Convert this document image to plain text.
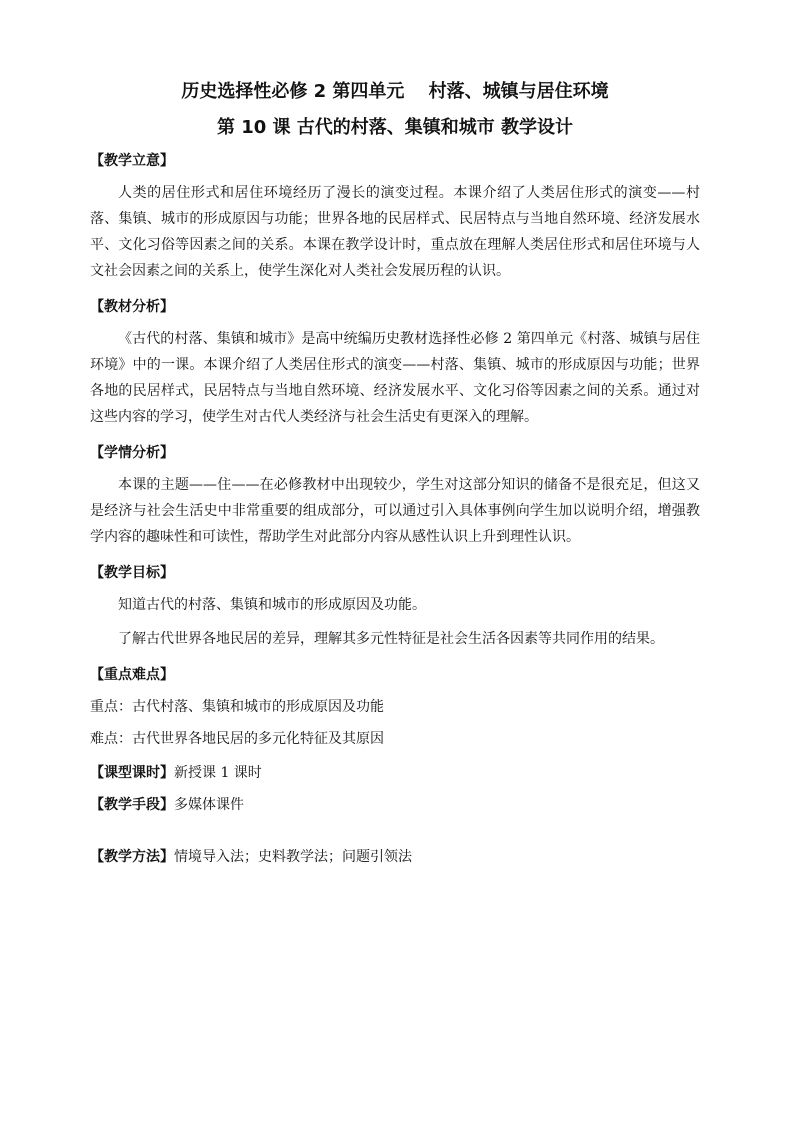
历史选择性必修 2 第四单元　 村落、城镇与居住环境

第 10 课 古代的村落、集镇和城市 教学设计

【教学立意】

人类的居住形式和居住环境经历了漫长的演变过程。本课介绍了人类居住形式的演变——村落、集镇、城市的形成原因与功能；世界各地的民居样式、民居特点与当地自然环境、经济发展水平、文化习俗等因素之间的关系。本课在教学设计时，重点放在理解人类居住形式和居住环境与人文社会因素之间的关系上，使学生深化对人类社会发展历程的认识。

【教材分析】

《古代的村落、集镇和城市》是高中统编历史教材选择性必修 2 第四单元《村落、城镇与居住环境》中的一课。本课介绍了人类居住形式的演变——村落、集镇、城市的形成原因与功能；世界各地的民居样式，民居特点与当地自然环境、经济发展水平、文化习俗等因素之间的关系。通过对这些内容的学习，使学生对古代人类经济与社会生活史有更深入的理解。

【学情分析】

本课的主题——住——在必修教材中出现较少，学生对这部分知识的储备不是很充足，但这又是经济与社会生活史中非常重要的组成部分，可以通过引入具体事例向学生加以说明介绍，增强教学内容的趣味性和可读性，帮助学生对此部分内容从感性认识上升到理性认识。

【教学目标】

知道古代的村落、集镇和城市的形成原因及功能。

了解古代世界各地民居的差异，理解其多元性特征是社会生活各因素等共同作用的结果。

【重点难点】

重点：古代村落、集镇和城市的形成原因及功能

难点：古代世界各地民居的多元化特征及其原因

【课型课时】新授课 1 课时

【教学手段】多媒体课件

【教学方法】情境导入法；史料教学法；问题引领法
